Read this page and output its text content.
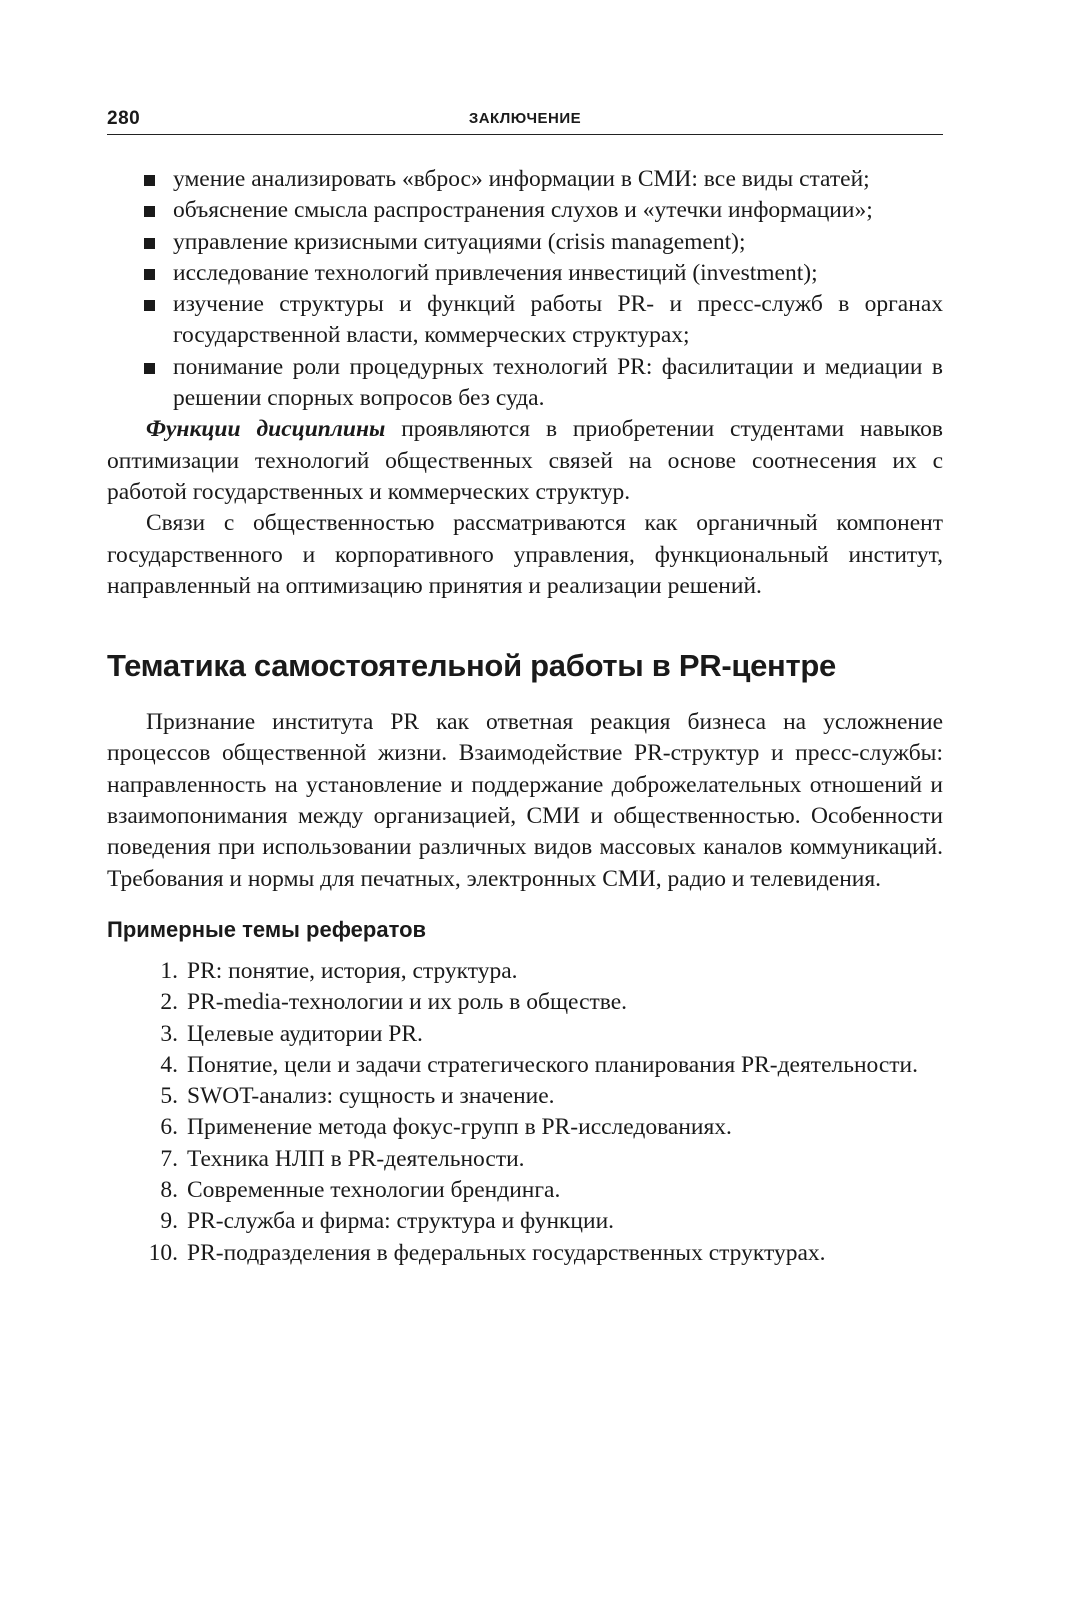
280	ЗАКЛЮЧЕНИЕ
умение анализировать «вброс» информации в СМИ: все виды статей;
объяснение смысла распространения слухов и «утечки информации»;
управление кризисными ситуациями (crisis management);
исследование технологий привлечения инвестиций (investment);
изучение структуры и функций работы PR- и пресс-служб в органах государственной власти, коммерческих структурах;
понимание роли процедурных технологий PR: фасилитации и медиации в решении спорных вопросов без суда.

Функции дисциплины проявляются в приобретении студентами навыков оптимизации технологий общественных связей на основе соотнесения их с работой государственных и коммерческих структур.

Связи с общественностью рассматриваются как органичный компонент государственного и корпоративного управления, функциональный институт, направленный на оптимизацию принятия и реализации решений.

Тематика самостоятельной работы в PR-центре

Признание института PR как ответная реакция бизнеса на усложнение процессов общественной жизни. Взаимодействие PR-структур и пресс-службы: направленность на установление и поддержание доброжелательных отношений и взаимопонимания между организацией, СМИ и общественностью. Особенности поведения при использовании различных видов массовых каналов коммуникаций. Требования и нормы для печатных, электронных СМИ, радио и телевидения.

Примерные темы рефератов
1. PR: понятие, история, структура.
2. PR-media-технологии и их роль в обществе.
3. Целевые аудитории PR.
4. Понятие, цели и задачи стратегического планирования PR-деятельности.
5. SWOT-анализ: сущность и значение.
6. Применение метода фокус-групп в PR-исследованиях.
7. Техника НЛП в PR-деятельности.
8. Современные технологии брендинга.
9. PR-служба и фирма: структура и функции.
10. PR-подразделения в федеральных государственных структурах.
